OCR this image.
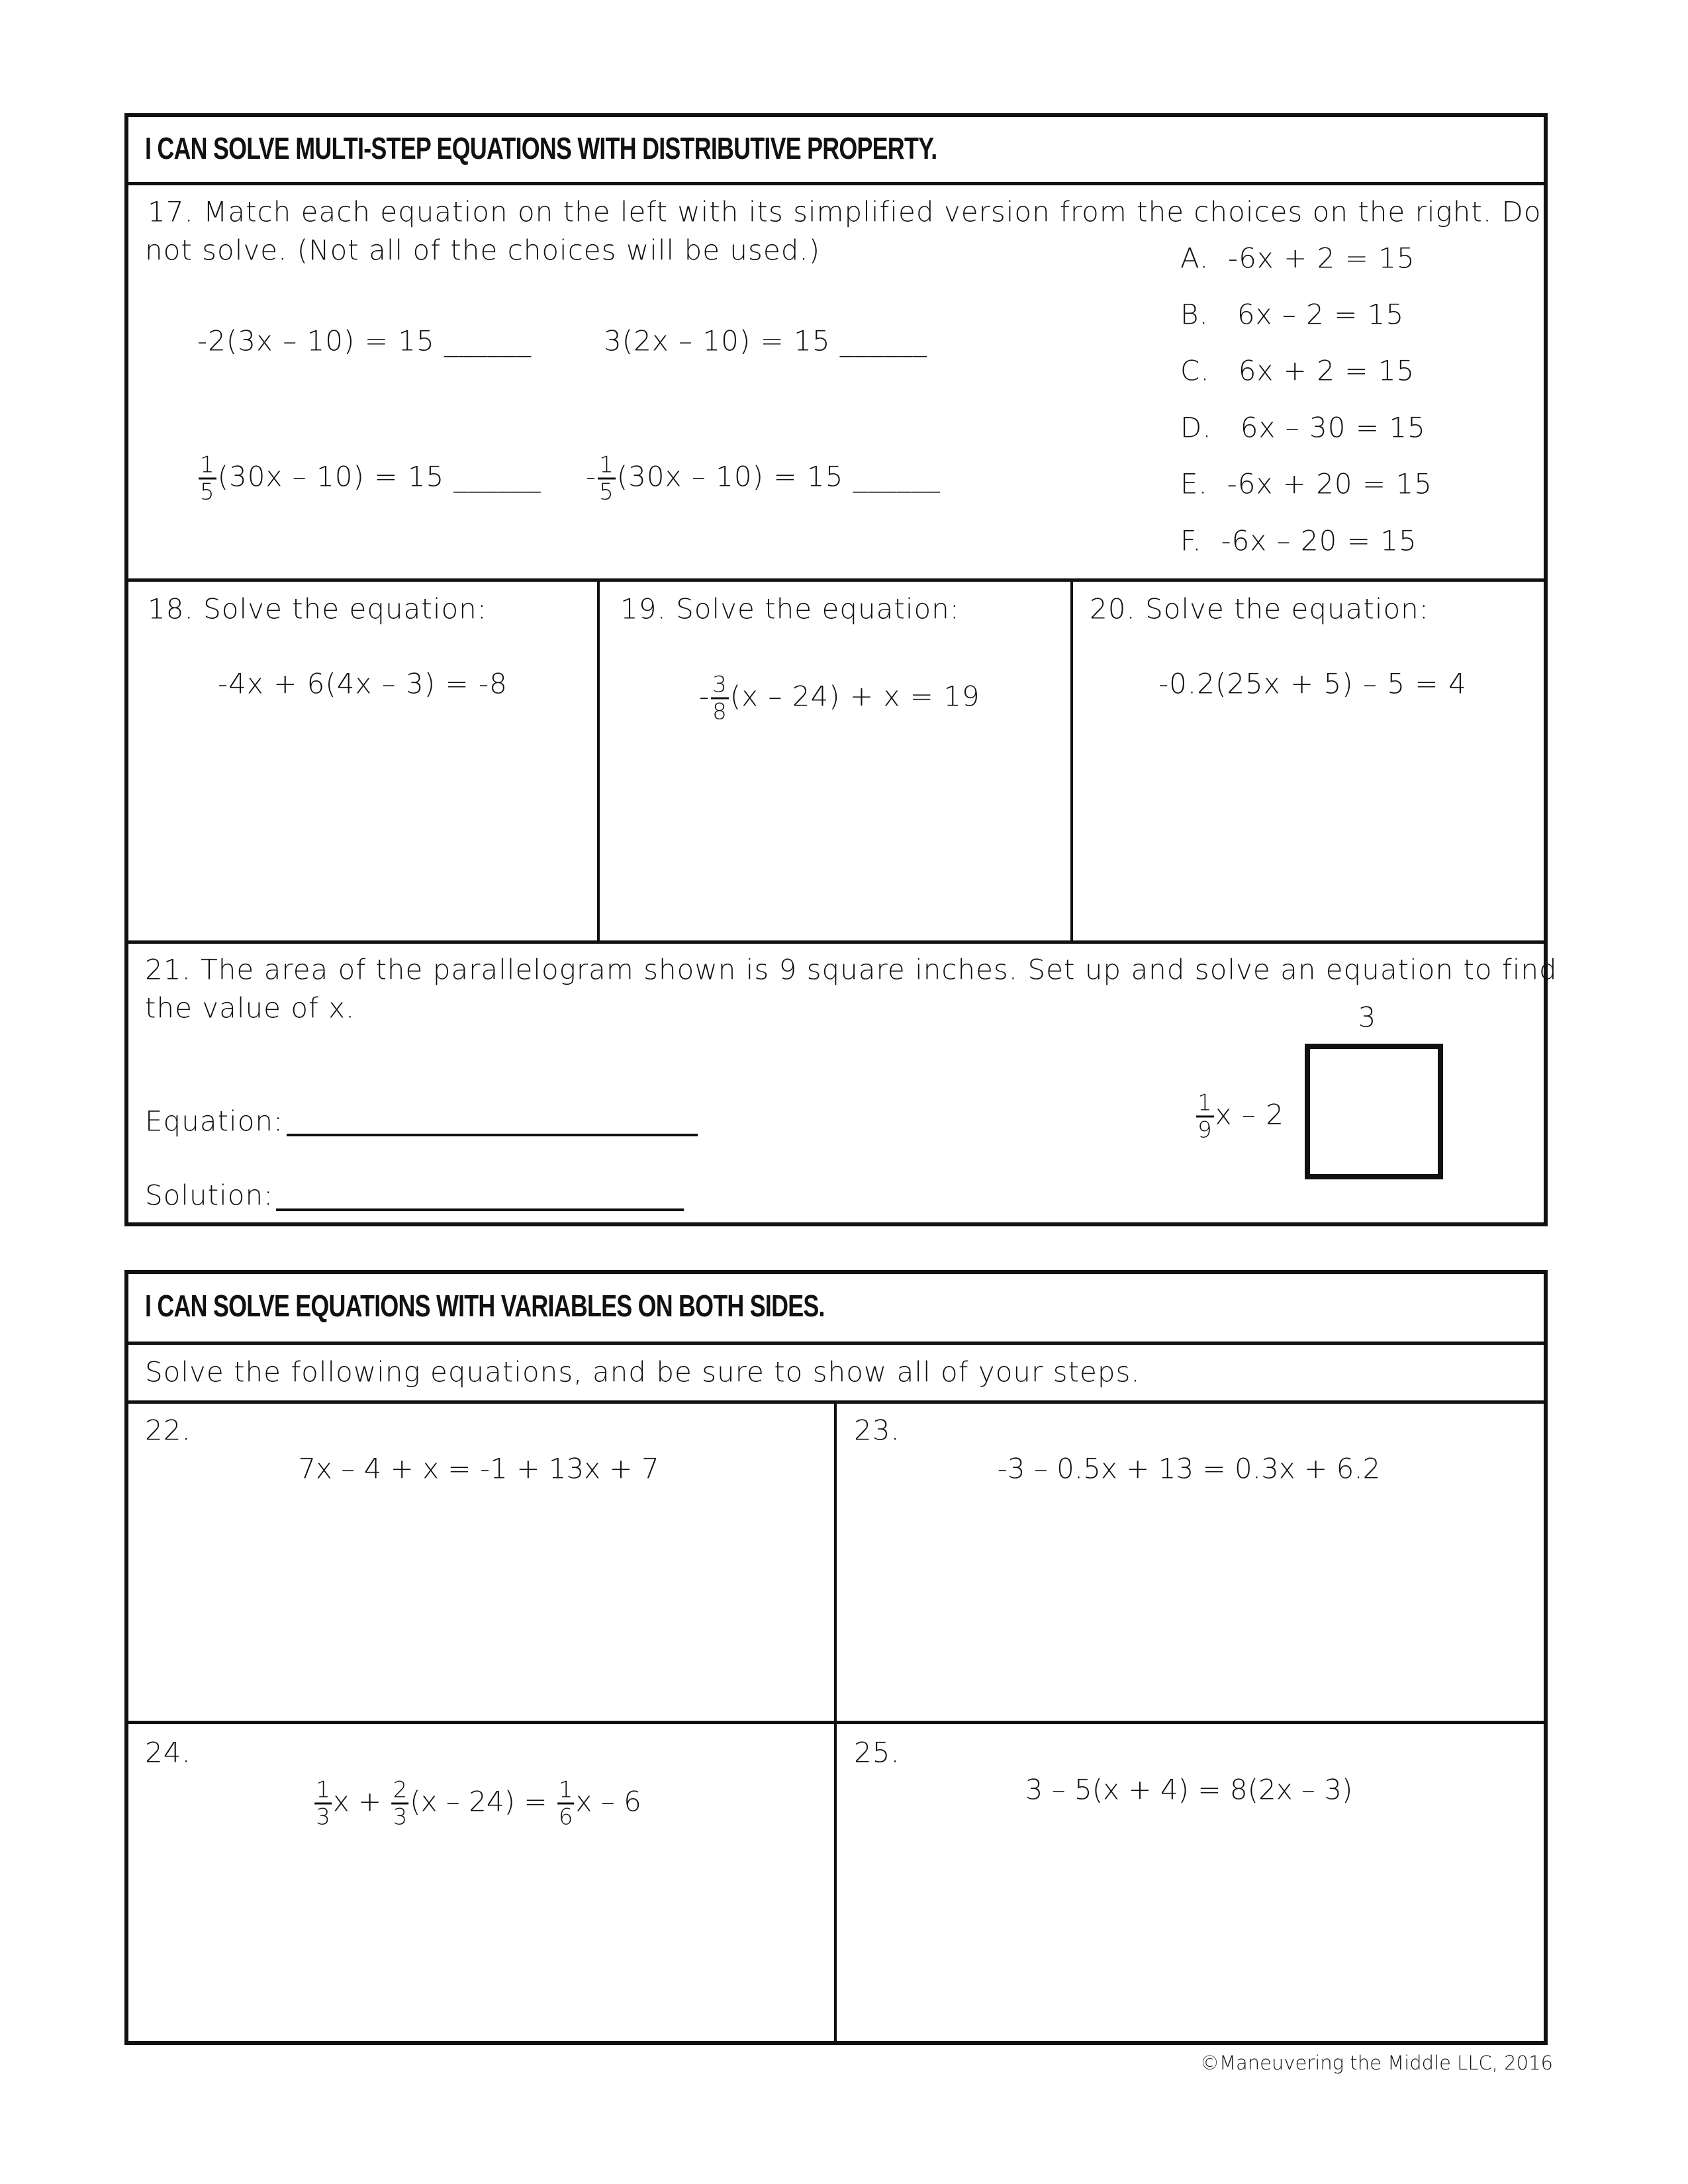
I CAN SOLVE MULTI-STEP EQUATIONS WITH DISTRIBUTIVE PROPERTY.
17. Match each equation on the left with its simplified version from the choices on the right. Do
not solve. (Not all of the choices will be used.)
-2(3x – 10) = 15 ______	3(2x – 10) = 15 ______
$\frac{1}{5} (30x - 10) = 15$ ______ - $\frac{1}{5} (30x - 10) = 15$ ______
A.  -6x + 2 = 15
B.   6x – 2 = 15
C.   6x + 2 = 15
D.   6x – 30 = 15
E.  -6x + 20 = 15
F.  -6x – 20 = 15
18. Solve the equation:
-4x + 6(4x – 3) = -8
19. Solve the equation:
- $\frac{3}{8} (x - 24) + x = 19$
20. Solve the equation:
-0.2(25x + 5) – 5 = 4
21. The area of the parallelogram shown is 9 square inches. Set up and solve an equation to find
the value of x.
Equation:
Solution:
3
$\frac{1}{9}$ x – 2
I CAN SOLVE EQUATIONS WITH VARIABLES ON BOTH SIDES.
Solve the following equations, and be sure to show all of your steps.
22.
7x – 4 + x = -1 + 13x + 7
23.
-3 – 0.5x + 13 = 0.3x + 6.2
24.
$\frac{1}{3}$ $x + \frac{2}{3} (x - 24) = \frac{1}{6}$ x – 6
25.
3 – 5(x + 4) = 8(2x – 3)
©Maneuvering the Middle LLC, 2016
